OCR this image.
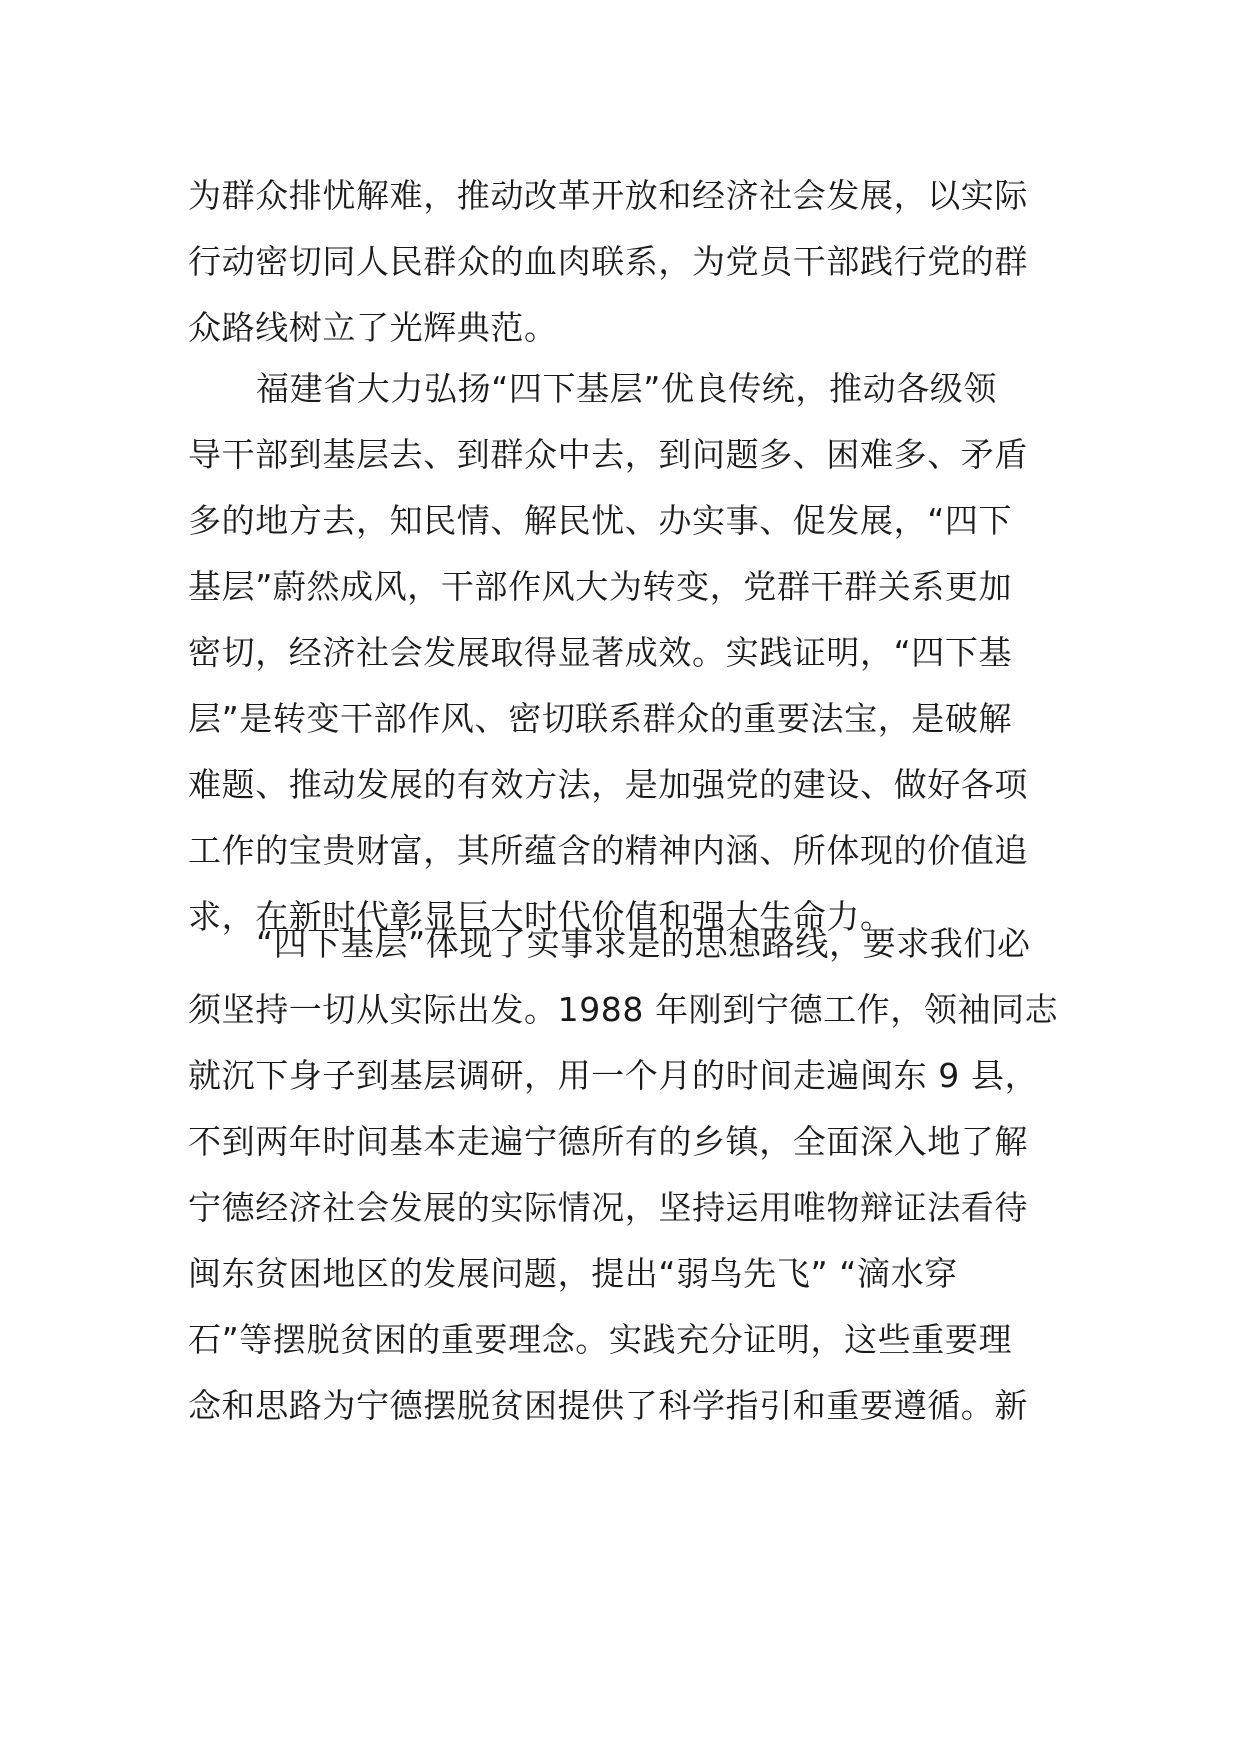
为群众排忧解难，推动改革开放和经济社会发展，以实际
行动密切同人民群众的血肉联系，为党员干部践行党的群
众路线树立了光辉典范。
福建省大力弘扬“四下基层”优良传统，推动各级领
导干部到基层去、到群众中去，到问题多、困难多、矛盾
多的地方去，知民情、解民忧、办实事、促发展，“四下
基层”蔚然成风，干部作风大为转变，党群干群关系更加
密切，经济社会发展取得显著成效。实践证明，“四下基
层”是转变干部作风、密切联系群众的重要法宝，是破解
难题、推动发展的有效方法，是加强党的建设、做好各项
工作的宝贵财富，其所蕴含的精神内涵、所体现的价值追
求，在新时代彰显巨大时代价值和强大生命力。
“四下基层”体现了实事求是的思想路线，要求我们必
须坚持一切从实际出发。1988 年刚到宁德工作，领袖同志
就沉下身子到基层调研，用一个月的时间走遍闽东 9 县，
不到两年时间基本走遍宁德所有的乡镇，全面深入地了解
宁德经济社会发展的实际情况，坚持运用唯物辩证法看待
闽东贫困地区的发展问题，提出“弱鸟先飞” “滴水穿
石”等摆脱贫困的重要理念。实践充分证明，这些重要理
念和思路为宁德摆脱贫困提供了科学指引和重要遵循。新
